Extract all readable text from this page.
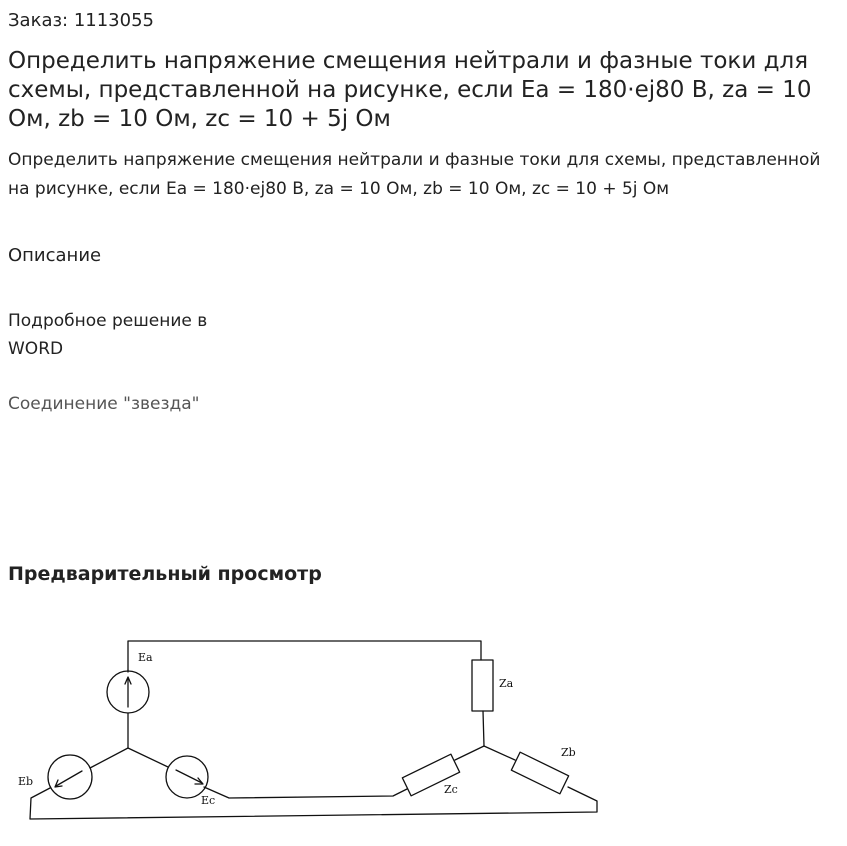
Заказ: 1113055
Определить напряжение смещения нейтрали и фазные токи для схемы, представленной на рисунке, если Еа = 180·ej80 В, zа = 10 Ом, zb = 10 Ом, zc = 10 + 5j Ом

Определить напряжение смещения нейтрали и фазные токи для схемы, представленной на рисунке, если Еа = 180·ej80 В, zа = 10 Ом, zb = 10 Ом, zc = 10 + 5j Ом

Описание
Подробное решение в WORD
Соединение "звезда"
Предварительный просмотр
Ea
Eb
Ec
Za
Zb
Zc
